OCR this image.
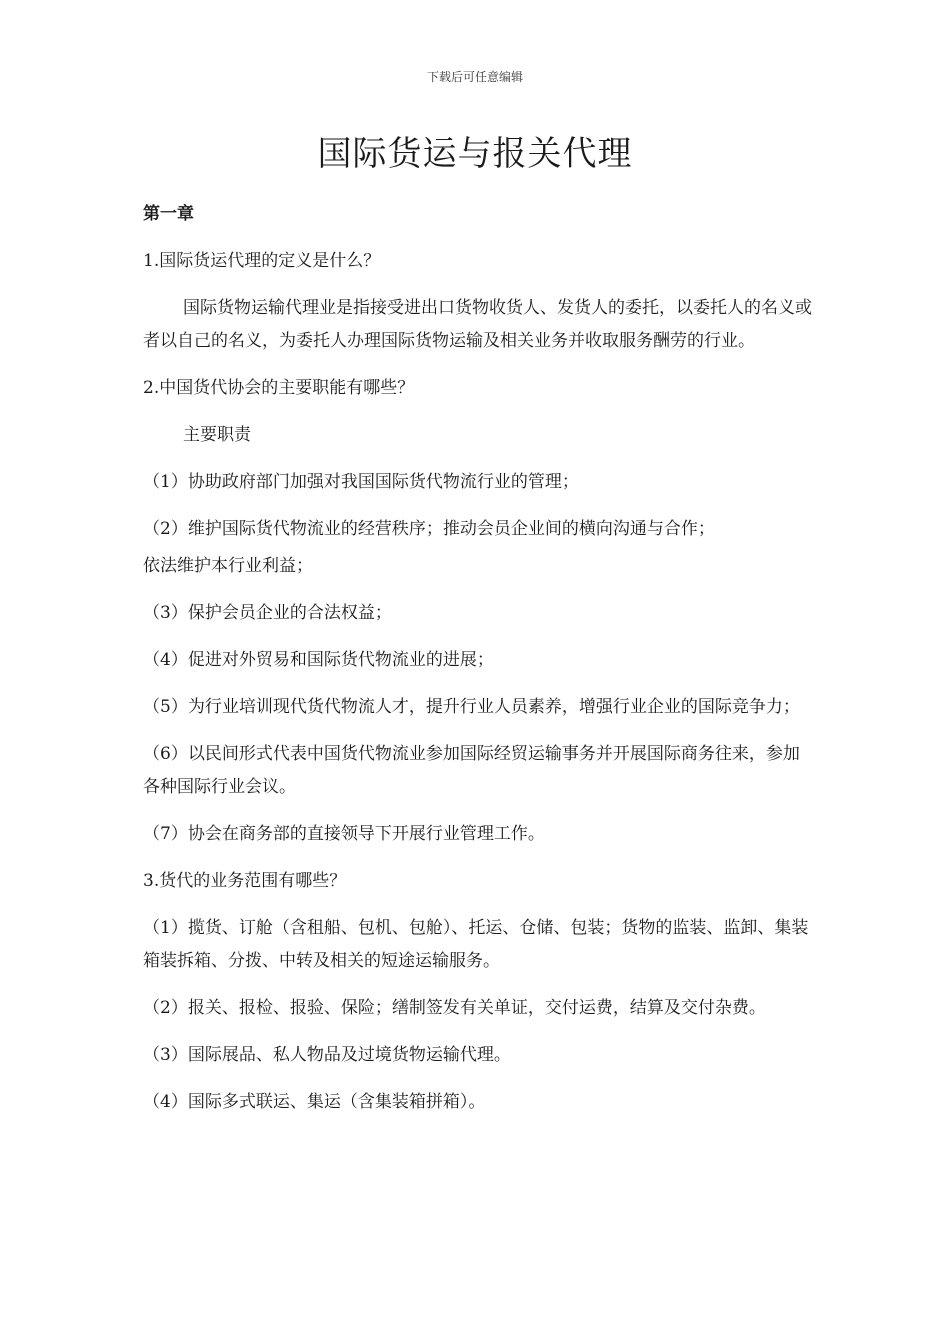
下载后可任意编辑
国际货运与报关代理

第一章

1.国际货运代理的定义是什么？

国际货物运输代理业是指接受进出口货物收货人、发货人的委托，以委托人的名义或者以自己的名义，为委托人办理国际货物运输及相关业务并收取服务酬劳的行业。

2.中国货代协会的主要职能有哪些？

主要职责

（1）协助政府部门加强对我国国际货代物流行业的管理；

（2）维护国际货代物流业的经营秩序；推动会员企业间的横向沟通与合作；

依法维护本行业利益；

（3）保护会员企业的合法权益；

（4）促进对外贸易和国际货代物流业的进展；

（5）为行业培训现代货代物流人才，提升行业人员素养，增强行业企业的国际竞争力；

（6）以民间形式代表中国货代物流业参加国际经贸运输事务并开展国际商务往来，参加各种国际行业会议。

（7）协会在商务部的直接领导下开展行业管理工作。

3.货代的业务范围有哪些？

（1）揽货、订舱（含租船、包机、包舱）、托运、仓储、包装；货物的监装、监卸、集装箱装拆箱、分拨、中转及相关的短途运输服务。

（2）报关、报检、报验、保险；缮制签发有关单证，交付运费，结算及交付杂费。

（3）国际展品、私人物品及过境货物运输代理。

（4）国际多式联运、集运（含集装箱拼箱）。
